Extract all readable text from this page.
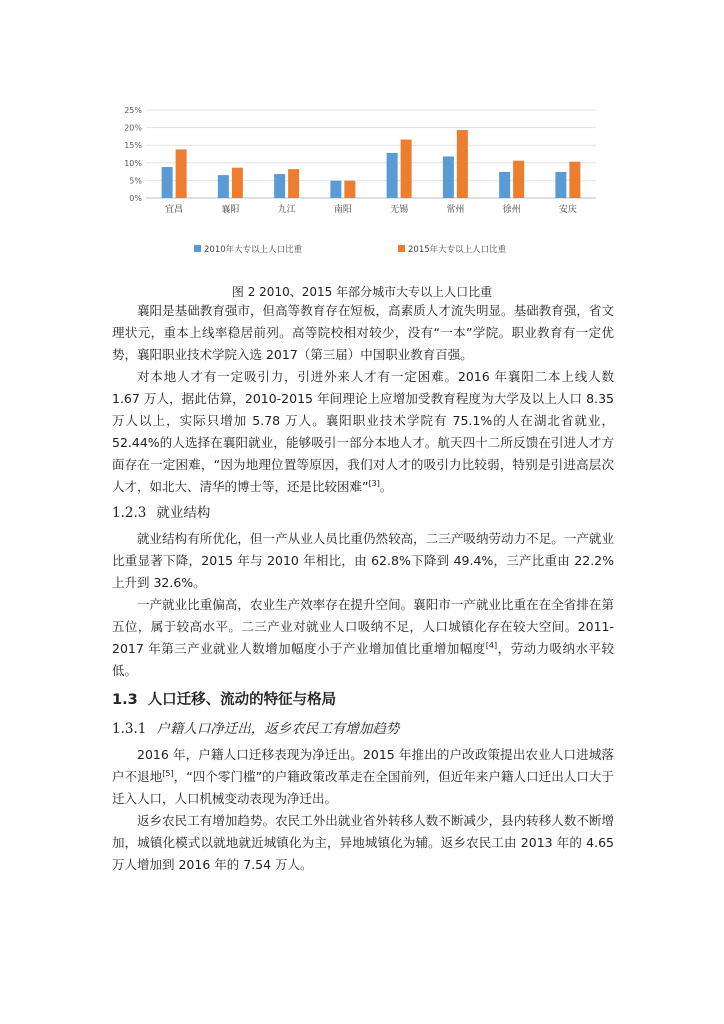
0%
5%
10%
15%
20%
25%
宜昌	襄阳	九江	南阳	无锡	常州	徐州	安庆
2010年大专以上人口比重	2015年大专以上人口比重
图 2 2010、2015 年部分城市大专以上人口比重

襄阳是基础教育强市，但高等教育存在短板，高素质人才流失明显。基础教育强，省文理状元，重本上线率稳居前列。高等院校相对较少，没有“一本”学院。职业教育有一定优势，襄阳职业技术学院入选 2017（第三届）中国职业教育百强。

对本地人才有一定吸引力，引进外来人才有一定困难。2016 年襄阳二本上线人数 1.67 万人，据此估算，2010-2015 年间理论上应增加受教育程度为大学及以上人口 8.35 万人以上，实际只增加 5.78 万人。襄阳职业技术学院有 75.1%的人在湖北省就业，52.44%的人选择在襄阳就业，能够吸引一部分本地人才。航天四十二所反馈在引进人才方面存在一定困难，“因为地理位置等原因，我们对人才的吸引力比较弱，特别是引进高层次人才，如北大、清华的博士等，还是比较困难”[3]。

1.2.3 就业结构

就业结构有所优化，但一产从业人员比重仍然较高，二三产吸纳劳动力不足。一产就业比重显著下降，2015 年与 2010 年相比，由 62.8%下降到 49.4%，三产比重由 22.2%上升到 32.6%。

一产就业比重偏高，农业生产效率存在提升空间。襄阳市一产就业比重在在全省排在第五位，属于较高水平。二三产业对就业人口吸纳不足，人口城镇化存在较大空间。2011-2017 年第三产业就业人数增加幅度小于产业增加值比重增加幅度[4]，劳动力吸纳水平较低。

1.3 人口迁移、流动的特征与格局
1.3.1 户籍人口净迁出，返乡农民工有增加趋势

2016 年，户籍人口迁移表现为净迁出。2015 年推出的户改政策提出农业人口进城落户不退地[5]，“四个零门槛”的户籍政策改革走在全国前列，但近年来户籍人口迁出人口大于迁入人口，人口机械变动表现为净迁出。

返乡农民工有增加趋势。农民工外出就业省外转移人数不断减少，县内转移人数不断增加，城镇化模式以就地就近城镇化为主，异地城镇化为辅。返乡农民工由 2013 年的 4.65 万人增加到 2016 年的 7.54 万人。
